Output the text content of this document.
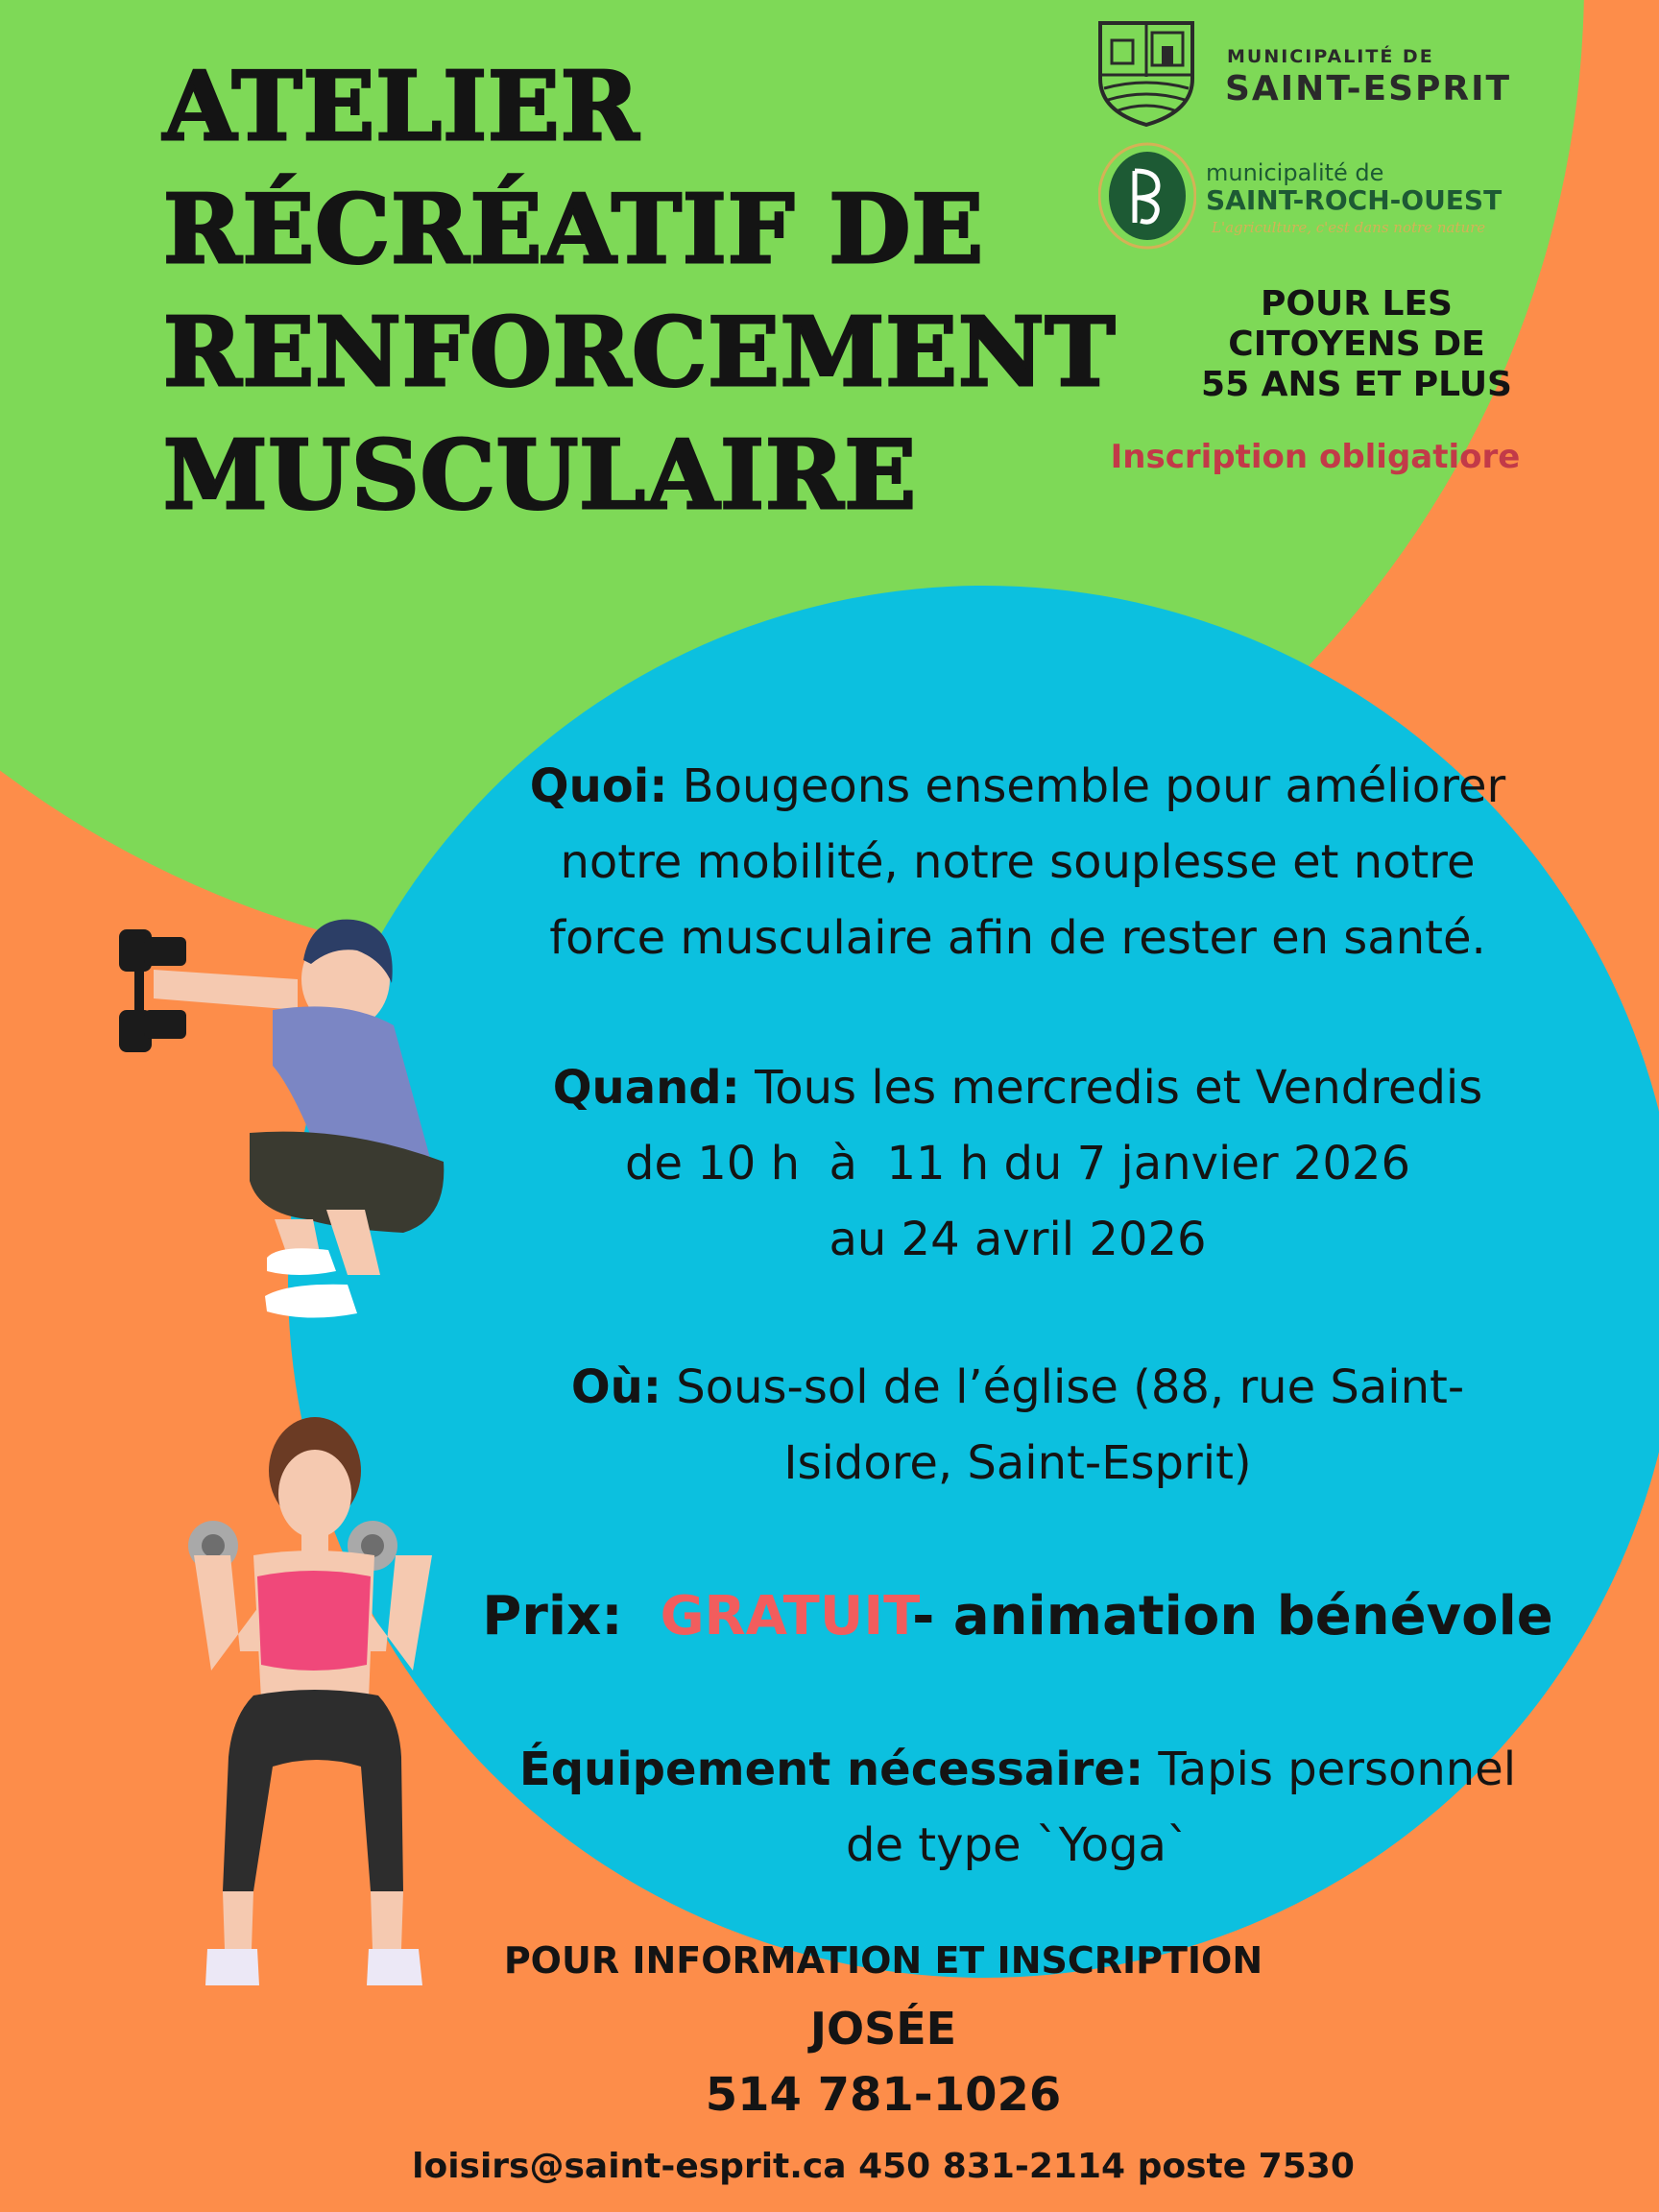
ATELIER
RÉCRÉATIF DE
RENFORCEMENT
MUSCULAIRE
MUNICIPALITÉ DE
SAINT-ESPRIT
municipalité de
SAINT-ROCH-OUEST
L'agriculture, c'est dans notre nature
POUR LES
CITOYENS DE
55 ANS ET PLUS
Inscription obligatiore
Quoi: Bougeons ensemble pour améliorer
notre mobilité, notre souplesse et notre
force musculaire afin de rester en santé.
Quand: Tous les mercredis et Vendredis
de 10 h  à  11 h du 7 janvier 2026
au 24 avril 2026
Où: Sous-sol de l’église (88, rue Saint-
Isidore, Saint-Esprit)
Prix: GRATUIT- animation bénévole
Équipement nécessaire: Tapis personnel
de type `Yoga`
POUR INFORMATION ET INSCRIPTION
JOSÉE
514 781-1026
loisirs@saint-esprit.ca 450 831-2114 poste 7530
